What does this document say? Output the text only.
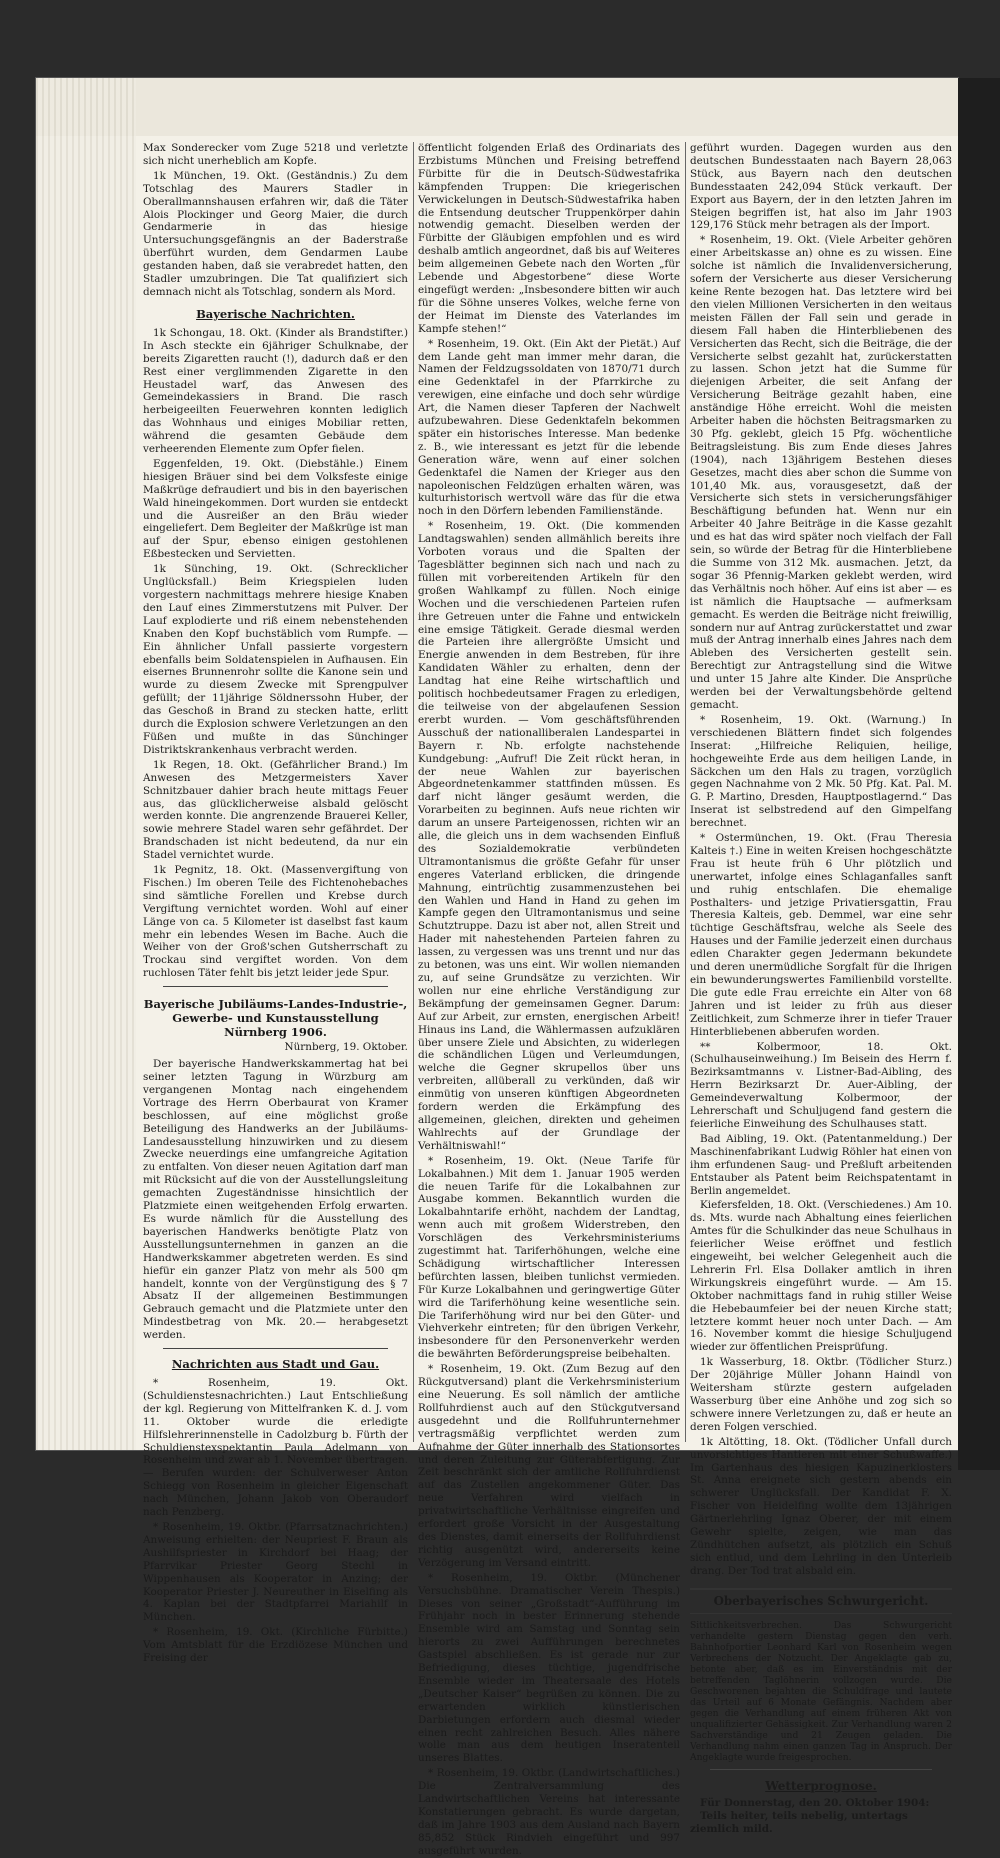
Max Sonderecker vom Zuge 5218 und verletzte sich nicht unerheblich am Kopfe.

1k München, 19. Okt. (Geständnis.) Zu dem Totschlag des Maurers Stadler in Oberallmannshausen erfahren wir, daß die Täter Alois Plockinger und Georg Maier, die durch Gendarmerie in das hiesige Untersuchungsgefängnis an der Baderstraße überführt wurden, dem Gendarmen Laube gestanden haben, daß sie verabredet hatten, den Stadler umzubringen. Die Tat qualifiziert sich demnach nicht als Totschlag, sondern als Mord.

Bayerische Nachrichten.

1k Schongau, 18. Okt. (Kinder als Brandstifter.) In Asch steckte ein 6jähriger Schulknabe, der bereits Zigaretten raucht (!), dadurch daß er den Rest einer verglimmenden Zigarette in den Heustadel warf, das Anwesen des Gemeindekassiers in Brand. Die rasch herbeigeeilten Feuerwehren konnten lediglich das Wohnhaus und einiges Mobiliar retten, während die gesamten Gebäude dem verheerenden Elemente zum Opfer fielen.

Eggenfelden, 19. Okt. (Diebstähle.) Einem hiesigen Bräuer sind bei dem Volksfeste einige Maßkrüge defraudiert und bis in den bayerischen Wald hineingekommen. Dort wurden sie entdeckt und die Ausreißer an den Bräu wieder eingeliefert. Dem Begleiter der Maßkrüge ist man auf der Spur, ebenso einigen gestohlenen Eßbestecken und Servietten.

1k Sünching, 19. Okt. (Schrecklicher Unglücksfall.) Beim Kriegspielen luden vorgestern nachmittags mehrere hiesige Knaben den Lauf eines Zimmerstutzens mit Pulver. Der Lauf explodierte und riß einem nebenstehenden Knaben den Kopf buchstäblich vom Rumpfe. — Ein ähnlicher Unfall passierte vorgestern ebenfalls beim Soldatenspielen in Aufhausen. Ein eisernes Brunnenrohr sollte die Kanone sein und wurde zu diesem Zwecke mit Sprengpulver gefüllt; der 11jährige Söldnerssohn Huber, der das Geschoß in Brand zu stecken hatte, erlitt durch die Explosion schwere Verletzungen an den Füßen und mußte in das Sünchinger Distriktskrankenhaus verbracht werden.

1k Regen, 18. Okt. (Gefährlicher Brand.) Im Anwesen des Metzgermeisters Xaver Schnitzbauer dahier brach heute mittags Feuer aus, das glücklicherweise alsbald gelöscht werden konnte. Die angrenzende Brauerei Keller, sowie mehrere Stadel waren sehr gefährdet. Der Brandschaden ist nicht bedeutend, da nur ein Stadel vernichtet wurde.

1k Pegnitz, 18. Okt. (Massenvergiftung von Fischen.) Im oberen Teile des Fichtenohebaches sind sämtliche Forellen und Krebse durch Vergiftung vernichtet worden. Wohl auf einer Länge von ca. 5 Kilometer ist daselbst fast kaum mehr ein lebendes Wesen im Bache. Auch die Weiher von der Groß'schen Gutsherrschaft zu Trockau sind vergiftet worden. Von dem ruchlosen Täter fehlt bis jetzt leider jede Spur.

Bayerische Jubiläums-Landes-Industrie-, Gewerbe- und Kunstausstellung Nürnberg 1906.
Nürnberg, 19. Oktober.

Der bayerische Handwerkskammertag hat bei seiner letzten Tagung in Würzburg am vergangenen Montag nach eingehendem Vortrage des Herrn Oberbaurat von Kramer beschlossen, auf eine möglichst große Beteiligung des Handwerks an der Jubiläums-Landesausstellung hinzuwirken und zu diesem Zwecke neuerdings eine umfangreiche Agitation zu entfalten. Von dieser neuen Agitation darf man mit Rücksicht auf die von der Ausstellungsleitung gemachten Zugeständnisse hinsichtlich der Platzmiete einen weitgehenden Erfolg erwarten. Es wurde nämlich für die Ausstellung des bayerischen Handwerks benötigte Platz von Ausstellungsunternehmen in ganzen an die Handwerkskammer abgetreten werden. Es sind hiefür ein ganzer Platz von mehr als 500 qm handelt, konnte von der Vergünstigung des § 7 Absatz II der allgemeinen Bestimmungen Gebrauch gemacht und die Platzmiete unter den Mindestbetrag von Mk. 20.— herabgesetzt werden.

Nachrichten aus Stadt und Gau.

* Rosenheim, 19. Okt. (Schuldienstesnachrichten.) Laut Entschließung der kgl. Regierung von Mittelfranken K. d. J. vom 11. Oktober wurde die erledigte Hilfslehrerinnenstelle in Cadolzburg b. Fürth der Schuldienstexspektantin Paula Adelmann von Rosenheim und zwar ab 1. November übertragen. — Berufen wurden: der Schulverweser Anton Schiegg von Rosenheim in gleicher Eigenschaft nach München, Johann Jakob von Oberaudorf nach Penzberg.

* Rosenheim, 19. Oktbr. (Pfarrsatznachrichten.) Anweisung erhielten: der Neupriest F. Braun als Aushilfspriester in Kirchdorf bei Haag; der Pfarrvikar Priester Georg Stechl in Wippenhausen als Kooperator in Anzing; der Kooperator Priester J. Neureuther in Eiselfing als 4. Kaplan bei der Stadtpfarrei Mariahilf in München.

* Rosenheim, 19. Okt. (Kirchliche Fürbitte.) Vom Amtsblatt für die Erzdiözese München und Freising der

öffentlicht folgenden Erlaß des Ordinariats des Erzbistums München und Freising betreffend Fürbitte für die in Deutsch-Südwestafrika kämpfenden Truppen: Die kriegerischen Verwickelungen in Deutsch-Südwestafrika haben die Entsendung deutscher Truppenkörper dahin notwendig gemacht. Dieselben werden der Fürbitte der Gläubigen empfohlen und es wird deshalb amtlich angeordnet, daß bis auf Weiteres beim allgemeinen Gebete nach den Worten „für Lebende und Abgestorbene“ diese Worte eingefügt werden: „Insbesondere bitten wir auch für die Söhne unseres Volkes, welche ferne von der Heimat im Dienste des Vaterlandes im Kampfe stehen!“

* Rosenheim, 19. Okt. (Ein Akt der Pietät.) Auf dem Lande geht man immer mehr daran, die Namen der Feldzugssoldaten von 1870/71 durch eine Gedenktafel in der Pfarrkirche zu verewigen, eine einfache und doch sehr würdige Art, die Namen dieser Tapferen der Nachwelt aufzubewahren. Diese Gedenktafeln bekommen später ein historisches Interesse. Man bedenke z. B., wie interessant es jetzt für die lebende Generation wäre, wenn auf einer solchen Gedenktafel die Namen der Krieger aus den napoleonischen Feldzügen erhalten wären, was kulturhistorisch wertvoll wäre das für die etwa noch in den Dörfern lebenden Familienstände.

* Rosenheim, 19. Okt. (Die kommenden Landtagswahlen) senden allmählich bereits ihre Vorboten voraus und die Spalten der Tagesblätter beginnen sich nach und nach zu füllen mit vorbereitenden Artikeln für den großen Wahlkampf zu füllen. Noch einige Wochen und die verschiedenen Parteien rufen ihre Getreuen unter die Fahne und entwickeln eine emsige Tätigkeit. Gerade diesmal werden die Parteien ihre allergrößte Umsicht und Energie anwenden in dem Bestreben, für ihre Kandidaten Wähler zu erhalten, denn der Landtag hat eine Reihe wirtschaftlich und politisch hochbedeutsamer Fragen zu erledigen, die teilweise von der abgelaufenen Session ererbt wurden. — Vom geschäftsführenden Ausschuß der nationalliberalen Landespartei in Bayern r. Nb. erfolgte nachstehende Kundgebung: „Aufruf! Die Zeit rückt heran, in der neue Wahlen zur bayerischen Abgeordnetenkammer stattfinden müssen. Es darf nicht länger gesäumt werden, die Vorarbeiten zu beginnen. Aufs neue richten wir darum an unsere Parteigenossen, richten wir an alle, die gleich uns in dem wachsenden Einfluß des Sozialdemokratie verbündeten Ultramontanismus die größte Gefahr für unser engeres Vaterland erblicken, die dringende Mahnung, eintrüchtig zusammenzustehen bei den Wahlen und Hand in Hand zu gehen im Kampfe gegen den Ultramontanismus und seine Schutztruppe. Dazu ist aber not, allen Streit und Hader mit nahestehenden Parteien fahren zu lassen, zu vergessen was uns trennt und nur das zu betonen, was uns eint. Wir wollen niemanden zu, auf seine Grundsätze zu verzichten. Wir wollen nur eine ehrliche Verständigung zur Bekämpfung der gemeinsamen Gegner. Darum: Auf zur Arbeit, zur ernsten, energischen Arbeit! Hinaus ins Land, die Wählermassen aufzuklären über unsere Ziele und Absichten, zu widerlegen die schändlichen Lügen und Verleumdungen, welche die Gegner skrupellos über uns verbreiten, allüberall zu verkünden, daß wir einmütig von unseren künftigen Abgeordneten fordern werden die Erkämpfung des allgemeinen, gleichen, direkten und geheimen Wahlrechts auf der Grundlage der Verhältniswahl!“

* Rosenheim, 19. Okt. (Neue Tarife für Lokalbahnen.) Mit dem 1. Januar 1905 werden die neuen Tarife für die Lokalbahnen zur Ausgabe kommen. Bekanntlich wurden die Lokalbahntarife erhöht, nachdem der Landtag, wenn auch mit großem Widerstreben, den Vorschlägen des Verkehrsministeriums zugestimmt hat. Tariferhöhungen, welche eine Schädigung wirtschaftlicher Interessen befürchten lassen, bleiben tunlichst vermieden. Für Kurze Lokalbahnen und geringwertige Güter wird die Tariferhöhung keine wesentliche sein. Die Tariferhöhung wird nur bei den Güter- und Viehverkehr eintreten; für den übrigen Verkehr, insbesondere für den Personenverkehr werden die bewährten Beförderungspreise beibehalten.

* Rosenheim, 19. Okt. (Zum Bezug auf den Rückgutversand) plant die Verkehrsministerium eine Neuerung. Es soll nämlich der amtliche Rollfuhrdienst auch auf den Stückgutversand ausgedehnt und die Rollfuhrunternehmer vertragsmäßig verpflichtet werden zum Aufnahme der Güter innerhalb des Stationsortes und deren Zuleitung zur Güterabfertigung. Zur Zeit beschränkt sich der amtliche Rollfuhrdienst auf das Zustellen angekommener Güter. Das neue Verfahren wird vielfach in privatwirtschaftliche Verhältnisse eingreifen und erfordert große Vorsicht in der Ausgestaltung des Dienstes, damit einerseits der Rollfuhrdienst richtig ausgenützt wird, andererseits keine Verzögerung im Versand eintritt.

* Rosenheim, 19. Oktbr. (Münchener Versuchsbühne. Dramatischer Verein Thespis.) Dieses von seiner „Großstadt“-Aufführung im Frühjahr noch in bester Erinnerung stehende Ensemble wird am Samstag und Sonntag sein hierorts zu zwei Aufführungen berechnetes Gastspiel abschließen. Es ist gerade nur zur Befriedigung, dieses tüchtige, jugendfrische Ensemble wieder im Theatersaale des Hotels „Deutscher Kaiser“ begrüßen zu können. Die zu erwartenden wirklich künstlerischen Darbietungen erfordern auch diesmal wieder einen recht zahlreichen Besuch. Alles nähere wolle man aus dem heutigen Inseratenteil unseres Blattes.

* Rosenheim, 19. Oktbr. (Landwirtschaftliches.) Die Zentralversammlung des Landwirtschaftlichen Vereins hat interessante Konstatierungen gebracht. Es wurde dargetan, daß im Jahre 1903 aus dem Ausland nach Bayern 85,852 Stück Rindvieh eingeführt und 997 ausgeführt wurden.

geführt wurden. Dagegen wurden aus den deutschen Bundesstaaten nach Bayern 28,063 Stück, aus Bayern nach den deutschen Bundesstaaten 242,094 Stück verkauft. Der Export aus Bayern, der in den letzten Jahren im Steigen begriffen ist, hat also im Jahr 1903 129,176 Stück mehr betragen als der Import.

* Rosenheim, 19. Okt. (Viele Arbeiter gehören einer Arbeitskasse an) ohne es zu wissen. Eine solche ist nämlich die Invalidenversicherung, sofern der Versicherte aus dieser Versicherung keine Rente bezogen hat. Das letztere wird bei den vielen Millionen Versicherten in den weitaus meisten Fällen der Fall sein und gerade in diesem Fall haben die Hinterbliebenen des Versicherten das Recht, sich die Beiträge, die der Versicherte selbst gezahlt hat, zurückerstatten zu lassen. Schon jetzt hat die Summe für diejenigen Arbeiter, die seit Anfang der Versicherung Beiträge gezahlt haben, eine anständige Höhe erreicht. Wohl die meisten Arbeiter haben die höchsten Beitragsmarken zu 30 Pfg. geklebt, gleich 15 Pfg. wöchentliche Beitragsleistung. Bis zum Ende dieses Jahres (1904), nach 13jährigem Bestehen dieses Gesetzes, macht dies aber schon die Summe von 101,40 Mk. aus, vorausgesetzt, daß der Versicherte sich stets in versicherungsfähiger Beschäftigung befunden hat. Wenn nur ein Arbeiter 40 Jahre Beiträge in die Kasse gezahlt und es hat das wird später noch vielfach der Fall sein, so würde der Betrag für die Hinterbliebene die Summe von 312 Mk. ausmachen. Jetzt, da sogar 36 Pfennig-Marken geklebt werden, wird das Verhältnis noch höher. Auf eins ist aber — es ist nämlich die Hauptsache — aufmerksam gemacht. Es werden die Beiträge nicht freiwillig, sondern nur auf Antrag zurückerstattet und zwar muß der Antrag innerhalb eines Jahres nach dem Ableben des Versicherten gestellt sein. Berechtigt zur Antragstellung sind die Witwe und unter 15 Jahre alte Kinder. Die Ansprüche werden bei der Verwaltungsbehörde geltend gemacht.

* Rosenheim, 19. Okt. (Warnung.) In verschiedenen Blättern findet sich folgendes Inserat: „Hilfreiche Reliquien, heilige, hochgeweihte Erde aus dem heiligen Lande, in Säckchen um den Hals zu tragen, vorzüglich gegen Nachnahme von 2 Mk. 50 Pfg. Kat. Pal. M. G. P. Martino, Dresden, Hauptpostlagernd.“ Das Inserat ist selbstredend auf den Gimpelfang berechnet.

* Ostermünchen, 19. Okt. (Frau Theresia Kalteis †.) Eine in weiten Kreisen hochgeschätzte Frau ist heute früh 6 Uhr plötzlich und unerwartet, infolge eines Schlaganfalles sanft und ruhig entschlafen. Die ehemalige Posthalters- und jetzige Privatiersgattin, Frau Theresia Kalteis, geb. Demmel, war eine sehr tüchtige Geschäftsfrau, welche als Seele des Hauses und der Familie jederzeit einen durchaus edlen Charakter gegen Jedermann bekundete und deren unermüdliche Sorgfalt für die Ihrigen ein bewunderungswertes Familienbild vorstellte. Die gute edle Frau erreichte ein Alter von 68 Jahren und ist leider zu früh aus dieser Zeitlichkeit, zum Schmerze ihrer in tiefer Trauer Hinterbliebenen abberufen worden.

** Kolbermoor, 18. Okt. (Schulhauseinweihung.) Im Beisein des Herrn f. Bezirksamtmanns v. Listner-Bad-Aibling, des Herrn Bezirksarzt Dr. Auer-Aibling, der Gemeindeverwaltung Kolbermoor, der Lehrerschaft und Schuljugend fand gestern die feierliche Einweihung des Schulhauses statt.

Bad Aibling, 19. Okt. (Patentanmeldung.) Der Maschinenfabrikant Ludwig Röhler hat einen von ihm erfundenen Saug- und Preßluft arbeitenden Entstauber als Patent beim Reichspatentamt in Berlin angemeldet.

Kiefersfelden, 18. Okt. (Verschiedenes.) Am 10. ds. Mts. wurde nach Abhaltung eines feierlichen Amtes für die Schulkinder das neue Schulhaus in feierlicher Weise eröffnet und festlich eingeweiht, bei welcher Gelegenheit auch die Lehrerin Frl. Elsa Dollaker amtlich in ihren Wirkungskreis eingeführt wurde. — Am 15. Oktober nachmittags fand in ruhig stiller Weise die Hebebaumfeier bei der neuen Kirche statt; letztere kommt heuer noch unter Dach. — Am 16. November kommt die hiesige Schuljugend wieder zur öffentlichen Preisprüfung.

1k Wasserburg, 18. Oktbr. (Tödlicher Sturz.) Der 20jährige Müller Johann Haindl von Weitersham stürzte gestern aufgeladen Wasserburg über eine Anhöhe und zog sich so schwere innere Verletzungen zu, daß er heute an deren Folgen verschied.

1k Altötting, 18. Okt. (Tödlicher Unfall durch unvorsichtiges Hantieren mit einer Schußwaffe.) Im Gartenhaus des hiesigen Kapuzinerklosters St. Anna ereignete sich gestern abends ein schwerer Unglücksfall. Der Kandidat F. X. Fischer von Heidelfing wollte dem 13jährigen Gärtnerlehrling Ignaz Oberer, der mit einem Gewehr spielte, zeigen, wie man das Zündhütchen aufsetzt, als plötzlich ein Schuß sich entlud, und dem Lehrling in den Unterleib drang. Der Tod trat alsbald ein.

Oberbayerisches Schwurgericht.

Sittlichkeitsverbrechen. Das Schwurgericht verhandelte gestern Dienstag gegen den verh. Bahnhofportier Leonhard Karl von Rosenheim wegen Verbrechens der Notzucht. Der Angeklagte gab zu, betonte aber, daß es im Einverständnis mit der betreffenden Taglöhnerin vollzogen wurde. Die Geschworenen bejahten die Schuldfrage und lautete das Urteil auf 6 Monate Gefängnis. Nachdem aber gegen die Verhandlung auf einem früheren Akt von unqualifizierter Gehässigkeit. Zur Verhandlung waren 2 Sachverständige und 21 Zeugen geladen. Die Verhandlung nahm einen ganzen Tag in Anspruch. Der Angeklagte wurde freigesprochen.

Wetterprognose.

Für Donnerstag, den 20. Oktober 1904:

Teils heiter, teils nebelig, untertags ziemlich mild.
